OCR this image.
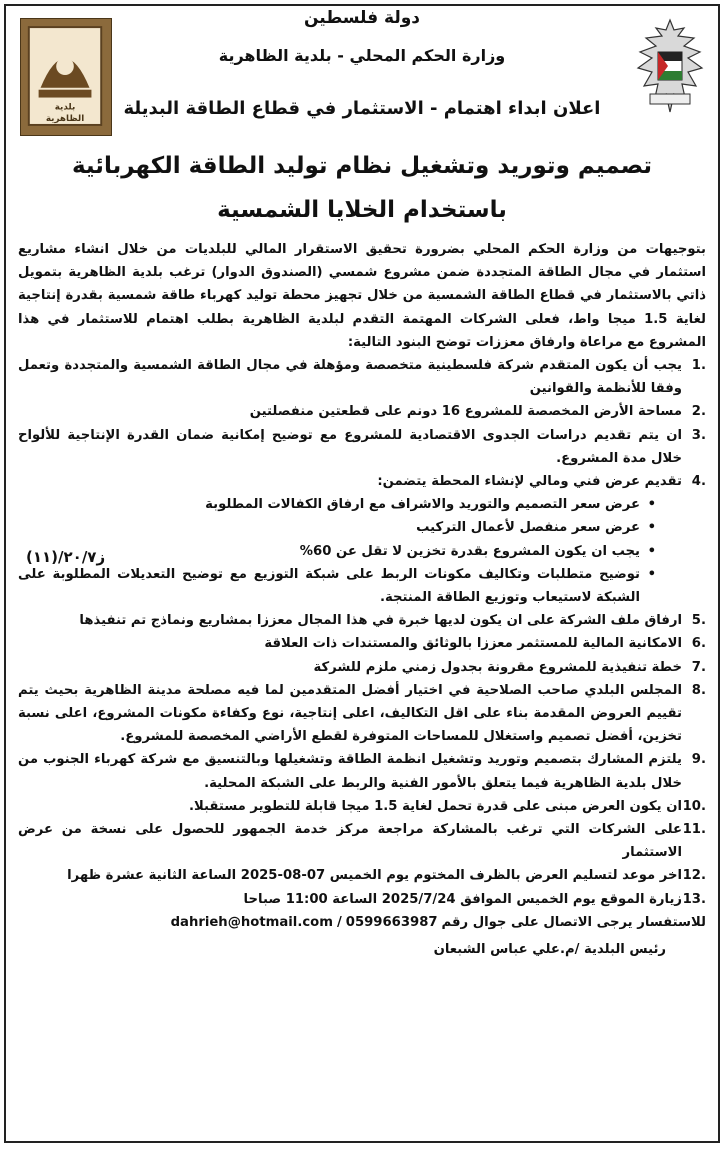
بلدية
الظاهرية
دولة فلسطين
وزارة الحكم المحلي - بلدية الظاهرية
اعلان ابداء اهتمام - الاستثمار في قطاع الطاقة البديلة
تصميم وتوريد وتشغيل نظام توليد الطاقة الكهربائية
باستخدام الخلايا الشمسية
ز٢٠/٧/(١١)

بتوجيهات من وزارة الحكم المحلي بضرورة تحقيق الاستقرار المالي للبلديات من خلال انشاء مشاريع استثمار في مجال الطاقة المتجددة ضمن مشروع شمسي (الصندوق الدوار) ترغب بلدية الظاهرية بتمويل ذاتي بالاستثمار في قطاع الطاقة الشمسية من خلال تجهيز محطة توليد كهرباء طاقة شمسية بقدرة إنتاجية لغاية 1.5 ميجا واط، فعلى الشركات المهتمة التقدم لبلدية الظاهرية بطلب اهتمام للاستثمار في هذا المشروع مع مراعاة وارفاق معززات توضح البنود التالية:

.1
يجب أن يكون المتقدم شركة فلسطينية متخصصة ومؤهلة في مجال الطاقة الشمسية والمتجددة وتعمل وفقا للأنظمة والقوانين
.2
مساحة الأرض المخصصة للمشروع 16 دونم على قطعتين منفصلتين
.3
ان يتم تقديم دراسات الجدوى الاقتصادية للمشروع مع توضيح إمكانية ضمان القدرة الإنتاجية للألواح خلال مدة المشروع.
.4
تقديم عرض فني ومالي لإنشاء المحطة يتضمن:
• عرض سعر التصميم والتوريد والاشراف مع ارفاق الكفالات المطلوبة
• عرض سعر منفصل لأعمال التركيب
• يجب ان يكون المشروع بقدرة تخزين لا تقل عن 60%
• توضيح متطلبات وتكاليف مكونات الربط على شبكة التوزيع مع توضيح التعديلات المطلوبة على الشبكة لاستيعاب وتوزيع الطاقة المنتجة.
.5
ارفاق ملف الشركة على ان يكون لديها خبرة في هذا المجال معززا بمشاريع ونماذج تم تنفيذها
.6
الامكانية المالية للمستثمر معززا بالوثائق والمستندات ذات العلاقة
.7
خطة تنفيذية للمشروع مقرونة بجدول زمني ملزم للشركة
.8
المجلس البلدي صاحب الصلاحية في اختيار أفضل المتقدمين لما فيه مصلحة مدينة الظاهرية بحيث يتم تقييم العروض المقدمة بناء على اقل التكاليف، اعلى إنتاجية، نوع وكفاءة مكونات المشروع، اعلى نسبة تخزين، أفضل تصميم واستغلال للمساحات المتوفرة لقطع الأراضي المخصصة للمشروع.
.9
يلتزم المشارك بتصميم وتوريد وتشغيل انظمة الطاقة وتشغيلها وبالتنسيق مع شركة كهرباء الجنوب من خلال بلدية الظاهرية فيما يتعلق بالأمور الفنية والربط على الشبكة المحلية.
.10
ان يكون العرض مبنى على قدرة تحمل لغاية 1.5 ميجا قابلة للتطوير مستقبلا.
.11
على الشركات التي ترغب بالمشاركة مراجعة مركز خدمة الجمهور للحصول على نسخة من عرض الاستثمار
.12
اخر موعد لتسليم العرض بالظرف المختوم يوم الخميس 07-08-2025 الساعة الثانية عشرة ظهرا
.13
زيارة الموقع يوم الخميس الموافق 2025/7/24 الساعة 11:00 صباحا
للاستفسار يرجى الاتصال على جوال رقم
0599663987
/
dahrieh@hotmail.com
رئيس البلدية /م.علي عباس الشبعان
